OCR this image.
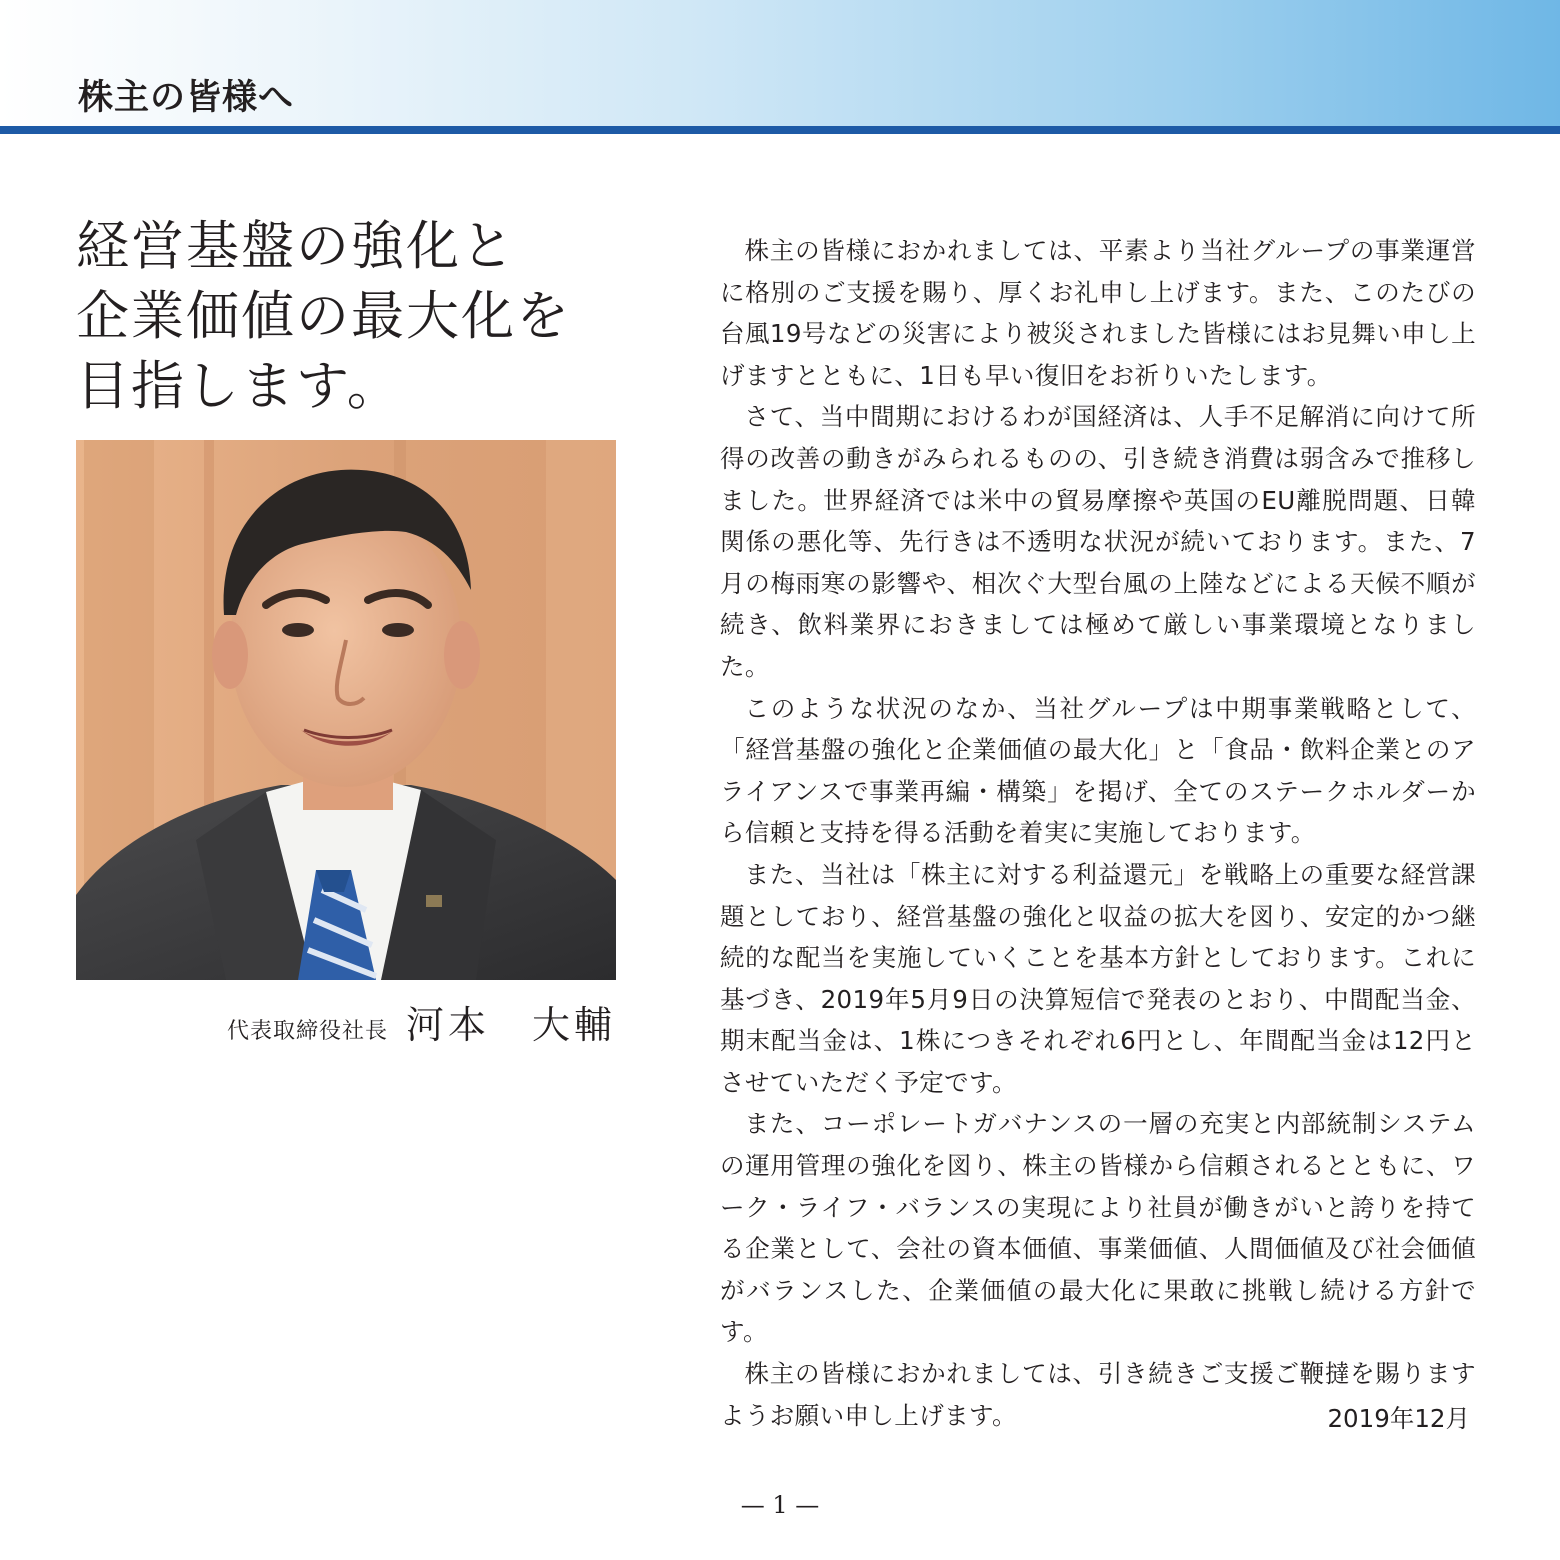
株主の皆様へ
経営基盤の強化と
企業価値の最大化を
目指します。
代表取締役社長 河本　大輔

株主の皆様におかれましては、平素より当社グループの事業運営に格別のご支援を賜り、厚くお礼申し上げます。また、このたびの台風19号などの災害により被災されました皆様にはお見舞い申し上げますとともに、1日も早い復旧をお祈りいたします。

さて、当中間期におけるわが国経済は、人手不足解消に向けて所得の改善の動きがみられるものの、引き続き消費は弱含みで推移しました。世界経済では米中の貿易摩擦や英国のEU離脱問題、日韓関係の悪化等、先行きは不透明な状況が続いております。また、7月の梅雨寒の影響や、相次ぐ大型台風の上陸などによる天候不順が続き、飲料業界におきましては極めて厳しい事業環境となりました。

このような状況のなか、当社グループは中期事業戦略として、「経営基盤の強化と企業価値の最大化」と「食品・飲料企業とのアライアンスで事業再編・構築」を掲げ、全てのステークホルダーから信頼と支持を得る活動を着実に実施しております。

また、当社は「株主に対する利益還元」を戦略上の重要な経営課題としており、経営基盤の強化と収益の拡大を図り、安定的かつ継続的な配当を実施していくことを基本方針としております。これに基づき、2019年5月9日の決算短信で発表のとおり、中間配当金、期末配当金は、1株につきそれぞれ6円とし、年間配当金は12円とさせていただく予定です。

また、コーポレートガバナンスの一層の充実と内部統制システムの運用管理の強化を図り、株主の皆様から信頼されるとともに、ワーク・ライフ・バランスの実現により社員が働きがいと誇りを持てる企業として、会社の資本価値、事業価値、人間価値及び社会価値がバランスした、企業価値の最大化に果敢に挑戦し続ける方針です。

株主の皆様におかれましては、引き続きご支援ご鞭撻を賜りますようお願い申し上げます。	2019年12月
— 1 —
